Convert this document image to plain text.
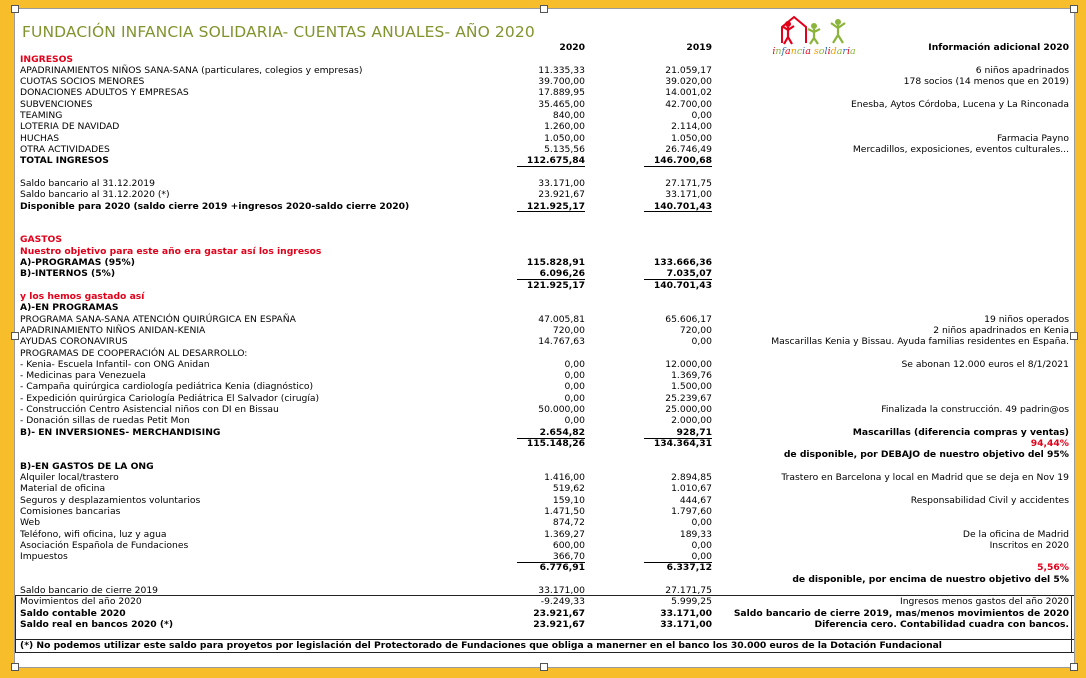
FUNDACIÓN INFANCIA SOLIDARIA- CUENTAS ANUALES- AÑO 2020
infancia solidaria
2020	2019	Información adicional 2020
INGRESOS
APADRINAMIENTOS NIÑOS SANA-SANA (particulares, colegios y empresas)	11.335,33	21.059,17	6 niños apadrinados
CUOTAS SOCIOS MENORES	39.700,00	39.020,00	178 socios (14 menos que en 2019)
DONACIONES ADULTOS Y EMPRESAS	17.889,95	14.001,02
SUBVENCIONES	35.465,00	42.700,00	Enesba, Aytos Córdoba, Lucena y La Rinconada
TEAMING	840,00	0,00
LOTERIA DE NAVIDAD	1.260,00	2.114,00
HUCHAS	1.050,00	1.050,00	Farmacia Payno
OTRA ACTIVIDADES	5.135,56	26.746,49	Mercadillos, exposiciones, eventos culturales...
TOTAL INGRESOS	112.675,84	146.700,68
Saldo bancario al 31.12.2019	33.171,00	27.171,75
Saldo bancario al 31.12.2020 (*)	23.921,67	33.171,00
Disponible para 2020 (saldo cierre 2019 +ingresos 2020-saldo cierre 2020)	121.925,17	140.701,43
GASTOS
Nuestro objetivo para este año era gastar así los ingresos
A)-PROGRAMAS (95%)	115.828,91	133.666,36
B)-INTERNOS (5%)	6.096,26	7.035,07
121.925,17	140.701,43
y los hemos gastado así
A)-EN PROGRAMAS
PROGRAMA SANA-SANA ATENCIÓN QUIRÚRGICA EN ESPAÑA	47.005,81	65.606,17	19 niños operados
APADRINAMIENTO NIÑOS ANIDAN-KENIA	720,00	720,00	2 niños apadrinados en Kenia
AYUDAS CORONAVIRUS	14.767,63	0,00	Mascarillas Kenia y Bissau. Ayuda familias residentes en España.
PROGRAMAS DE COOPERACIÓN AL DESARROLLO:
- Kenia- Escuela Infantil- con ONG Anidan	0,00	12.000,00	Se abonan 12.000 euros el 8/1/2021
- Medicinas para Venezuela	0,00	1.369,76
- Campaña quirúrgica cardiología pediátrica Kenia (diagnóstico)	0,00	1.500,00
- Expedición quirúrgica Cariología Pediátrica El Salvador (cirugía)	0,00	25.239,67
- Construcción Centro Asistencial niños con DI en Bissau	50.000,00	25.000,00	Finalizada la construcción. 49 padrin@os
- Donación sillas de ruedas Petit Mon	0,00	2.000,00
B)- EN INVERSIONES- MERCHANDISING	2.654,82	928,71	Mascarillas (diferencia compras y ventas)
115.148,26	134.364,31	94,44%
de disponible, por DEBAJO de nuestro objetivo del 95%
B)-EN GASTOS DE LA ONG
Alquiler local/trastero	1.416,00	2.894,85	Trastero en Barcelona y local en Madrid que se deja en Nov 19
Material de oficina	519,62	1.010,67
Seguros y desplazamientos voluntarios	159,10	444,67	Responsabilidad Civil y accidentes
Comisiones bancarias	1.471,50	1.797,60
Web	874,72	0,00
Teléfono, wifi oficina, luz y agua	1.369,27	189,33	De la oficina de Madrid
Asociación Española de Fundaciones	600,00	0,00	Inscritos en 2020
Impuestos	366,70	0,00
6.776,91	6.337,12	5,56%
de disponible, por encima de nuestro objetivo del 5%
Saldo bancario de cierre 2019	33.171,00	27.171,75
Movimientos del año 2020	-9.249,33	5.999,25	Ingresos menos gastos del año 2020
Saldo contable 2020	23.921,67	33.171,00 Saldo bancario de cierre 2019, mas/menos movimientos de 2020
Saldo real en bancos 2020 (*)	23.921,67	33.171,00	Diferencia cero. Contabilidad cuadra con bancos.
(*) No podemos utilizar este saldo para proyetos por legislación del Protectorado de Fundaciones que obliga a manerner en el banco los 30.000 euros de la Dotación Fundacional
